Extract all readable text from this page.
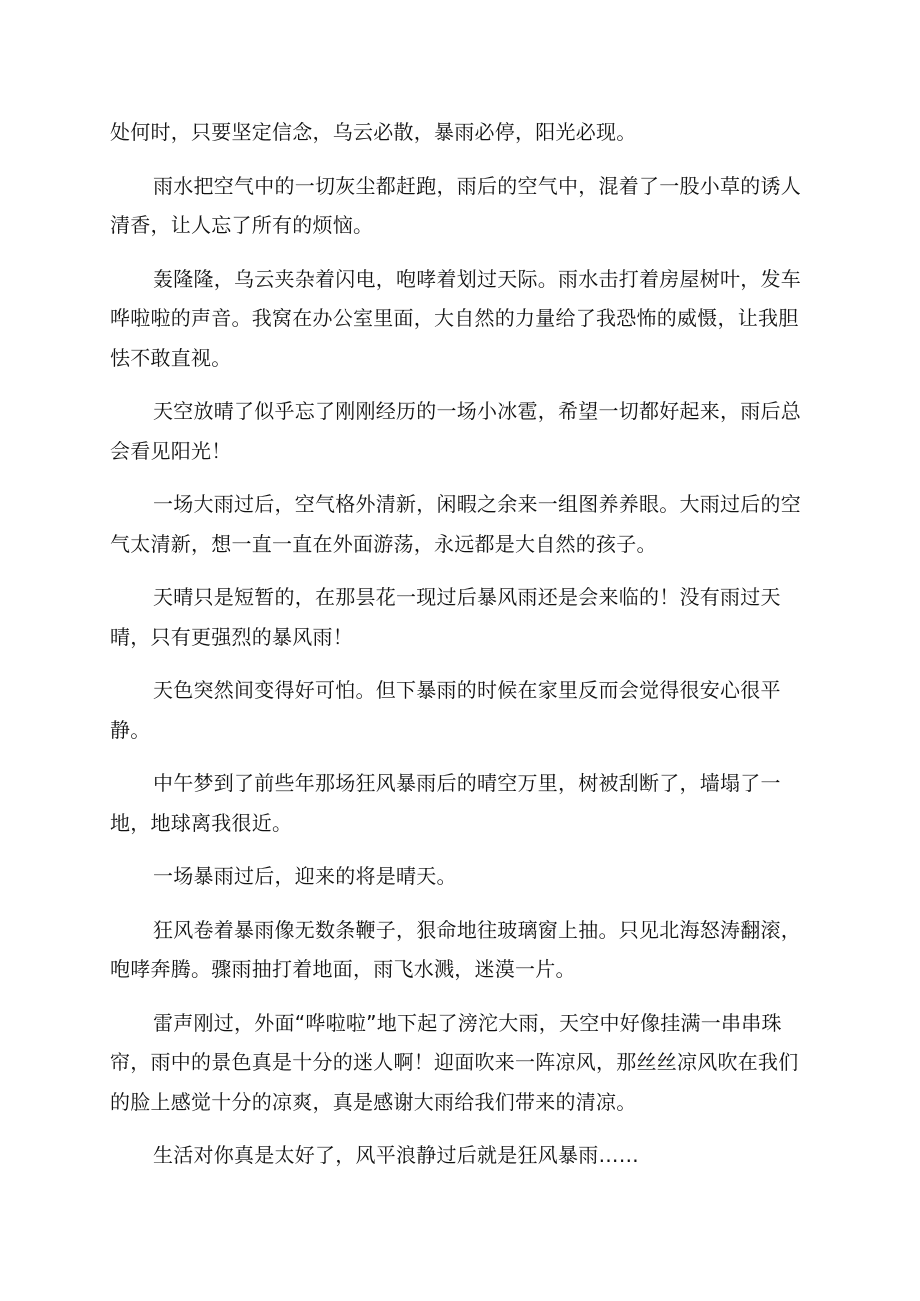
处何时，只要坚定信念，乌云必散，暴雨必停，阳光必现。

雨水把空气中的一切灰尘都赶跑，雨后的空气中，混着了一股小草的诱人清香，让人忘了所有的烦恼。

轰隆隆，乌云夹杂着闪电，咆哮着划过天际。雨水击打着房屋树叶，发车哗啦啦的声音。我窝在办公室里面，大自然的力量给了我恐怖的威慑，让我胆怯不敢直视。

天空放晴了似乎忘了刚刚经历的一场小冰雹，希望一切都好起来，雨后总会看见阳光！

一场大雨过后，空气格外清新，闲暇之余来一组图养养眼。大雨过后的空气太清新，想一直一直在外面游荡，永远都是大自然的孩子。

天晴只是短暂的，在那昙花一现过后暴风雨还是会来临的！没有雨过天晴，只有更强烈的暴风雨！

天色突然间变得好可怕。但下暴雨的时候在家里反而会觉得很安心很平静。

中午梦到了前些年那场狂风暴雨后的晴空万里，树被刮断了，墙塌了一地，地球离我很近。

一场暴雨过后，迎来的将是晴天。

狂风卷着暴雨像无数条鞭子，狠命地往玻璃窗上抽。只见北海怒涛翻滚，咆哮奔腾。骤雨抽打着地面，雨飞水溅，迷漠一片。

雷声刚过，外面“哗啦啦”地下起了滂沱大雨，天空中好像挂满一串串珠帘，雨中的景色真是十分的迷人啊！迎面吹来一阵凉风，那丝丝凉风吹在我们的脸上感觉十分的凉爽，真是感谢大雨给我们带来的清凉。

生活对你真是太好了，风平浪静过后就是狂风暴雨……
